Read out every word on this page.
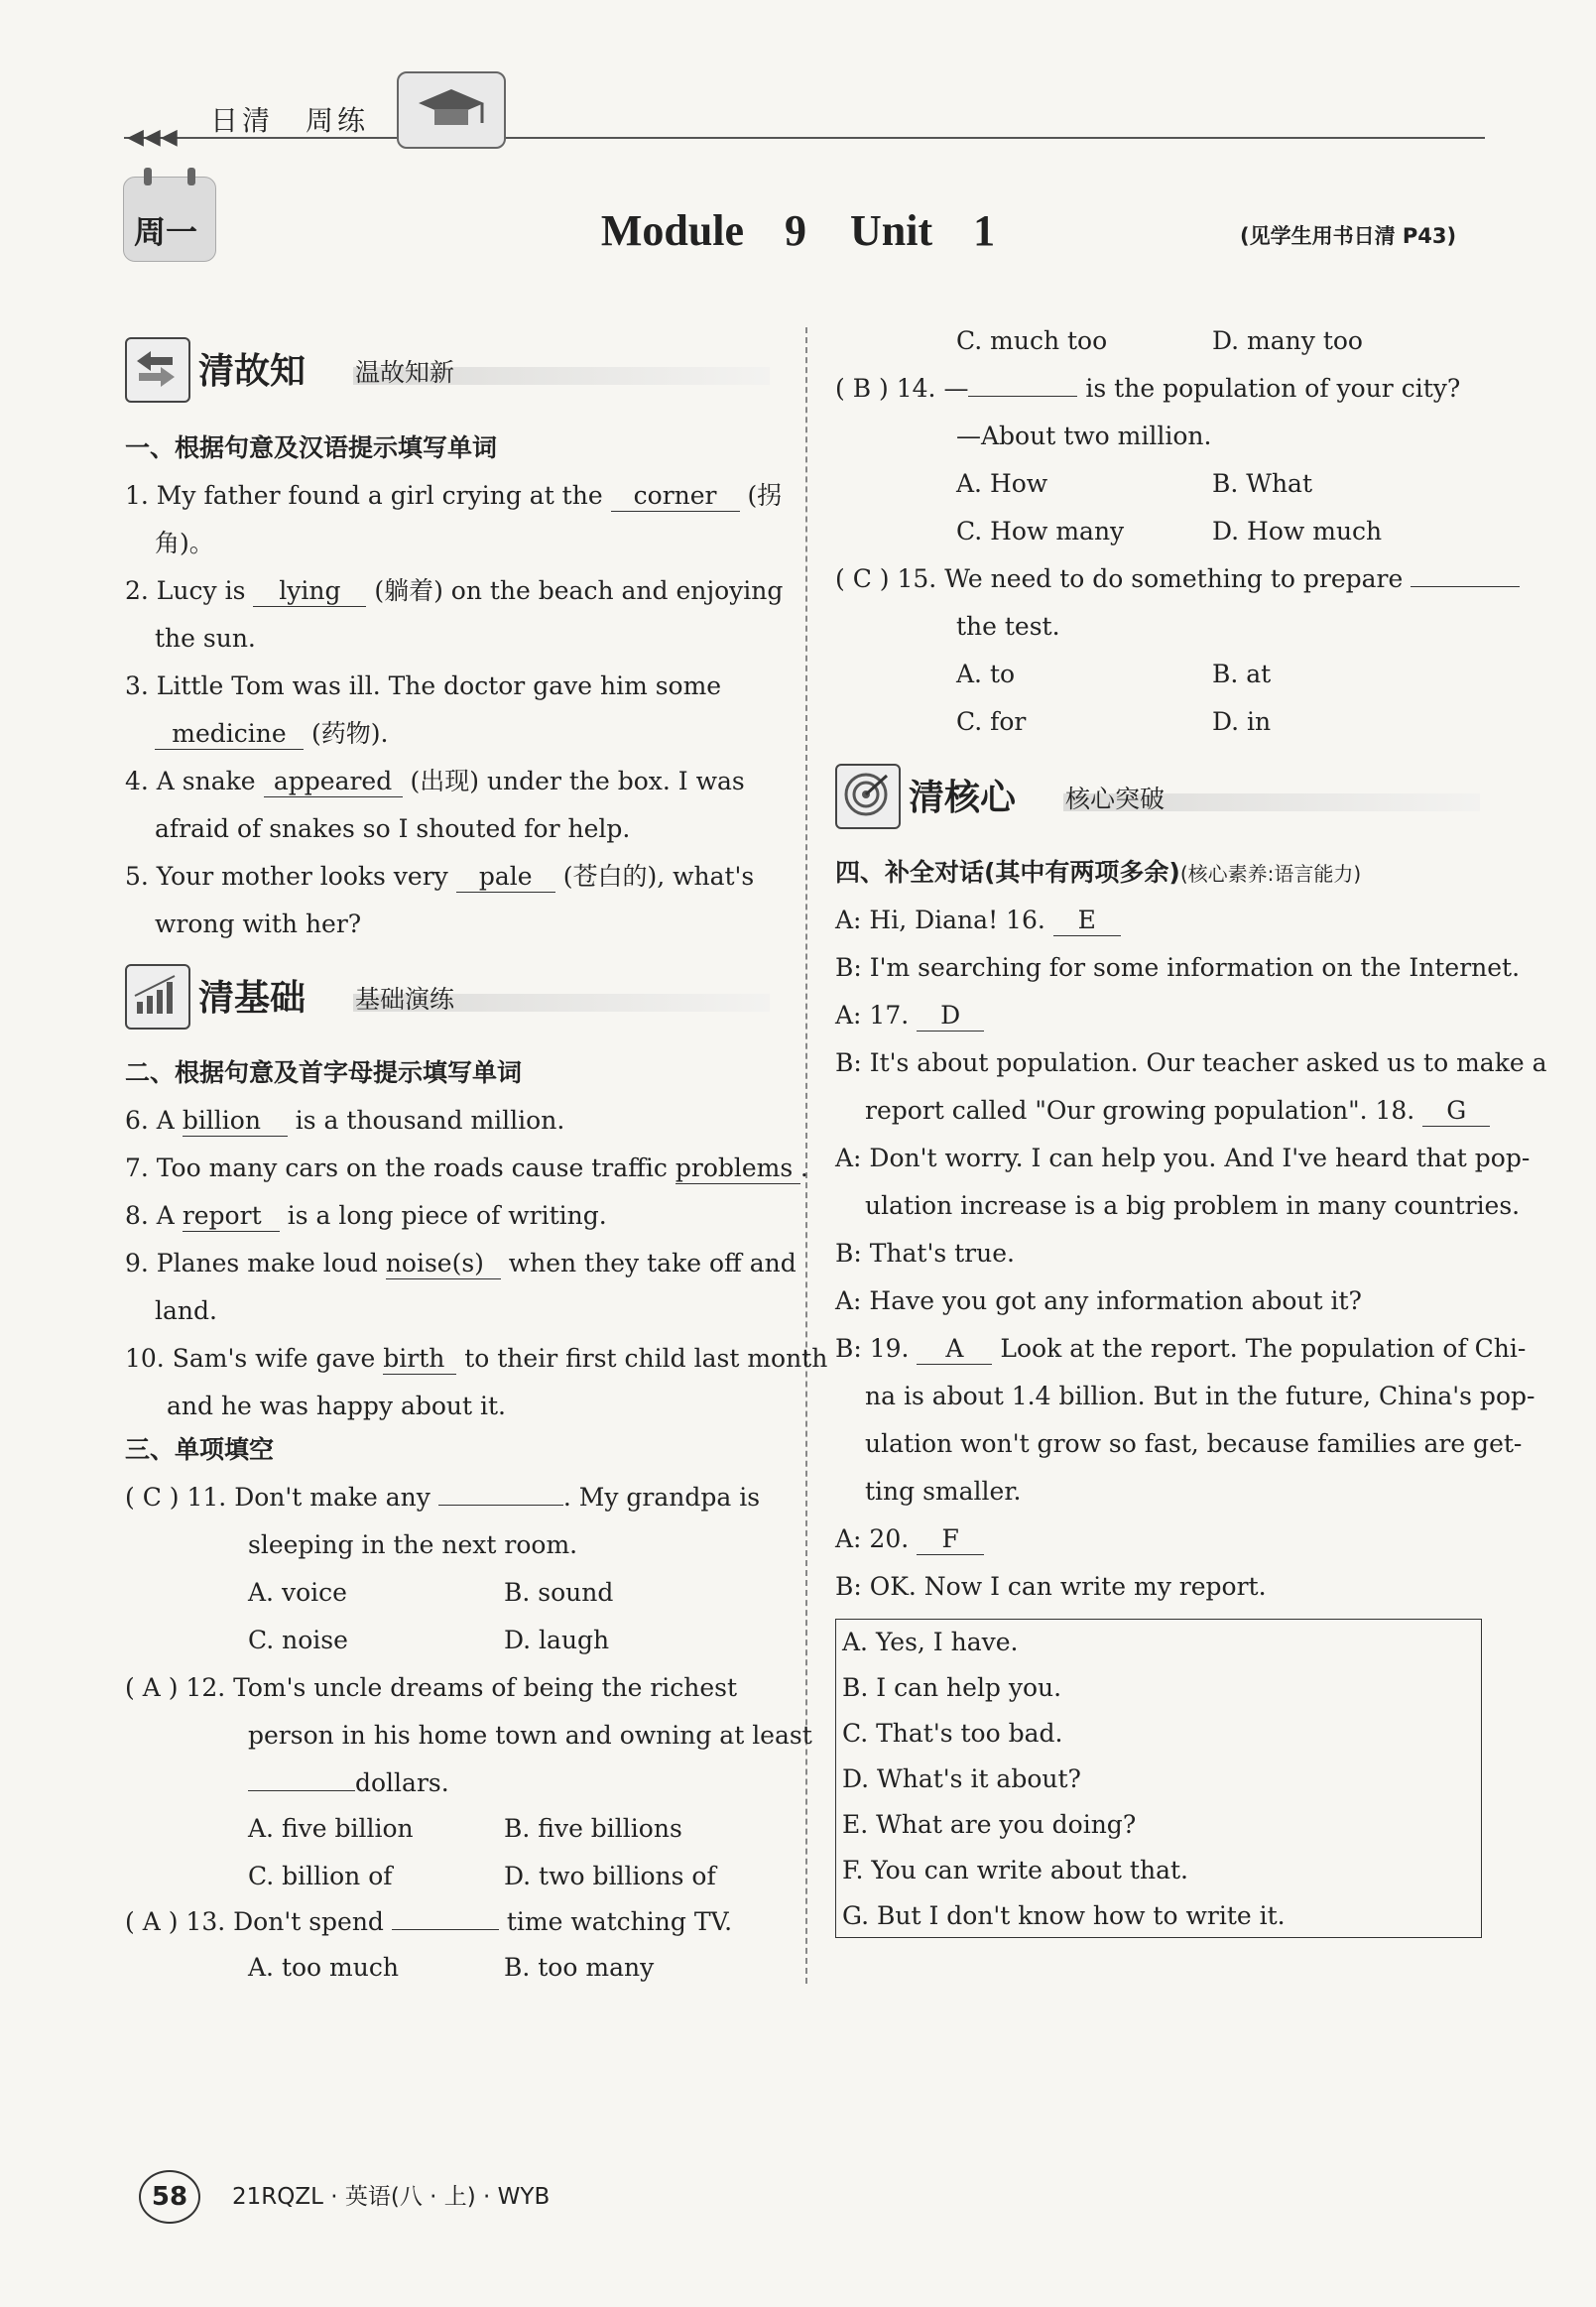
◀◀◀
日清　周练
周一	Module 9　Unit 1	(见学生用书日清 P43)
清故知 温故知新
一、根据句意及汉语提示填写单词
1. My father found a girl crying at the corner (拐
角)。
2. Lucy is lying (躺着) on the beach and enjoying
the sun.
3. Little Tom was ill. The doctor gave him some
medicine (药物).
4. A snake appeared (出现) under the box. I was
afraid of snakes so I shouted for help.
5. Your mother looks very pale (苍白的), what's
wrong with her?
清基础 基础演练
二、根据句意及首字母提示填写单词
6. A billion is a thousand million.
7. Too many cars on the roads cause traffic problems .
8. A report is a long piece of writing.
9. Planes make loud noise(s) when they take off and
land.
10. Sam's wife gave birth to their first child last month
and he was happy about it.
三、单项填空
( C ) 11. Don't make any	. My grandpa is
sleeping in the next room.
A. voice	B. sound
C. noise	D. laugh
( A ) 12. Tom's uncle dreams of being the richest
person in his home town and owning at least
dollars.
A. five billion	B. five billions
C. billion of	D. two billions of
( A ) 13. Don't spend	time watching TV.
A. too much	B. too many
C. much too	D. many too
( B ) 14. —	is the population of your city?
—About two million.
A. How	B. What
C. How many	D. How much
( C ) 15. We need to do something to prepare
the test.
A. to	B. at
C. for	D. in
清核心 核心突破
四、补全对话(其中有两项多余)(核心素养:语言能力)
A: Hi, Diana! 16. E
B: I'm searching for some information on the Internet.
A: 17. D
B: It's about population. Our teacher asked us to make a
report called "Our growing population". 18. G
A: Don't worry. I can help you. And I've heard that pop-
ulation increase is a big problem in many countries.
B: That's true.
A: Have you got any information about it?
B: 19. A Look at the report. The population of Chi-
na is about 1.4 billion. But in the future, China's pop-
ulation won't grow so fast, because families are get-
ting smaller.
A: 20. F
B: OK. Now I can write my report.
A. Yes, I have.
B. I can help you.
C. That's too bad.
D. What's it about?
E. What are you doing?
F. You can write about that.
G. But I don't know how to write it.
58	21RQZL · 英语(八 · 上) · WYB
